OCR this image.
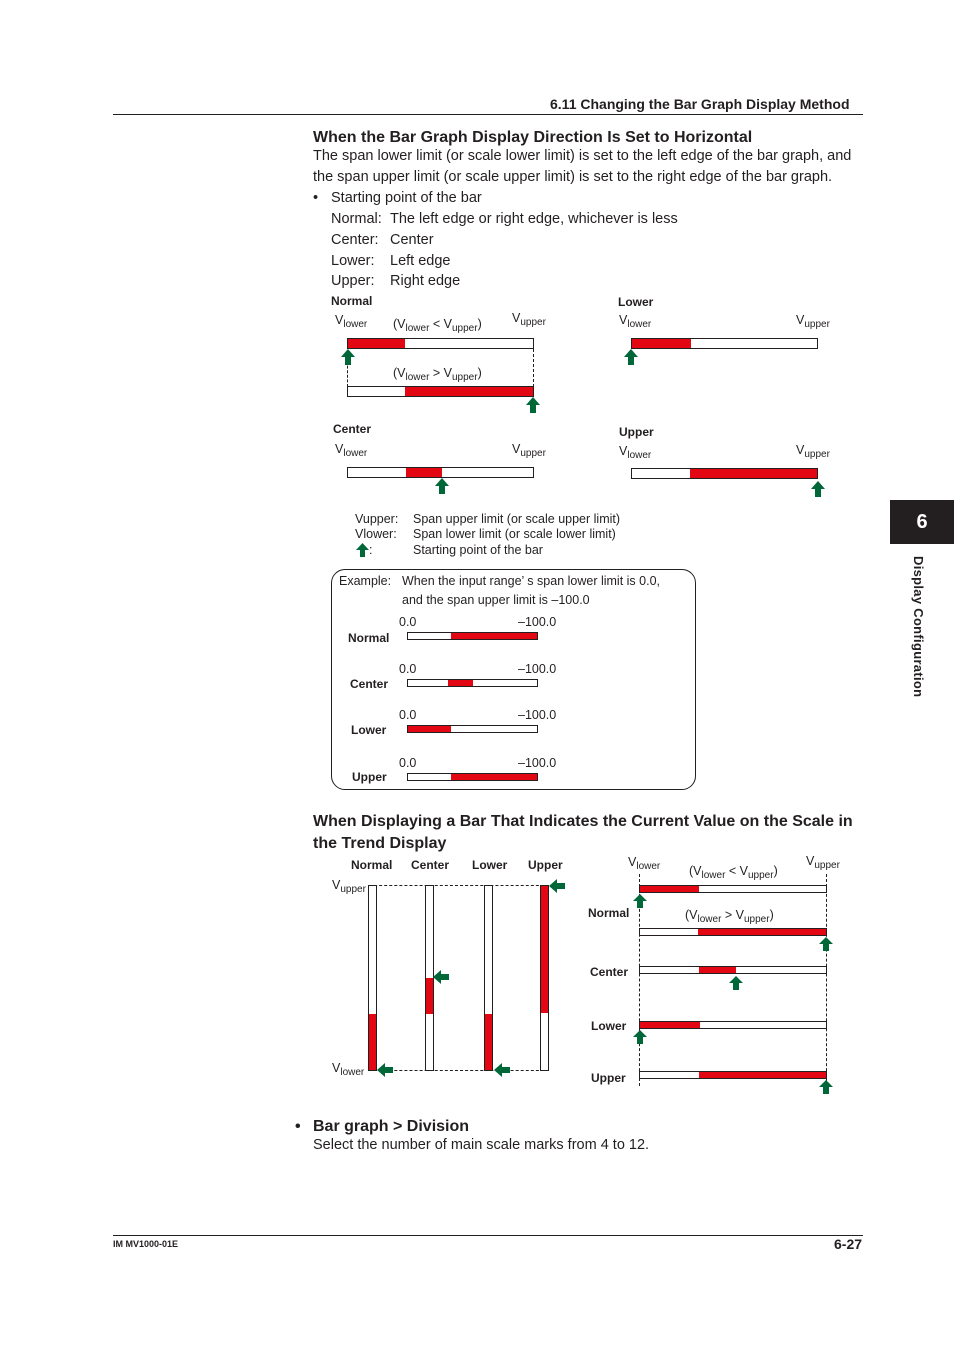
6.11 Changing the Bar Graph Display Method
6
Display Configuration
When the Bar Graph Display Direction Is Set to Horizontal
The span lower limit (or scale lower limit) is set to the left edge of the bar graph, and
the span upper limit (or scale upper limit) is set to the right edge of the bar graph.
• Starting point of the bar
Normal: The left edge or right edge, whichever is less
Center: Center
Lower: Left edge
Upper: Right edge
Normal
$V_{lower}$ $(V_{lower} < V_{upper})$ $V_{upper}$
$(V_{lower} > V_{upper})$
Lower
$V_{lower}$	$V_{upper}$
Center
$V_{lower}$	$V_{upper}$
Upper
$V_{lower}$	$V_{upper}$
Vupper: Span upper limit (or scale upper limit)
Vlower: Span lower limit (or scale lower limit)
:	Starting point of the bar
Example: When the input range’ s span lower limit is 0.0,
and the span upper limit is –100.0
Normal
0.0	–100.0
Center
0.0	–100.0
Lower
0.0	–100.0
Upper
0.0	–100.0
When Displaying a Bar That Indicates the Current Value on the Scale in
the Trend Display
Normal Center Lower Upper
$V_{upper}$
$V_{lower}$
$V_{lower}$ $(V_{lower} < V_{upper})$
$V_{upper}$
Normal	$(V_{lower} > V_{upper})$
Center
Lower
Upper
• Bar graph > Division
Select the number of main scale marks from 4 to 12.
IM MV1000-01E	6-27
